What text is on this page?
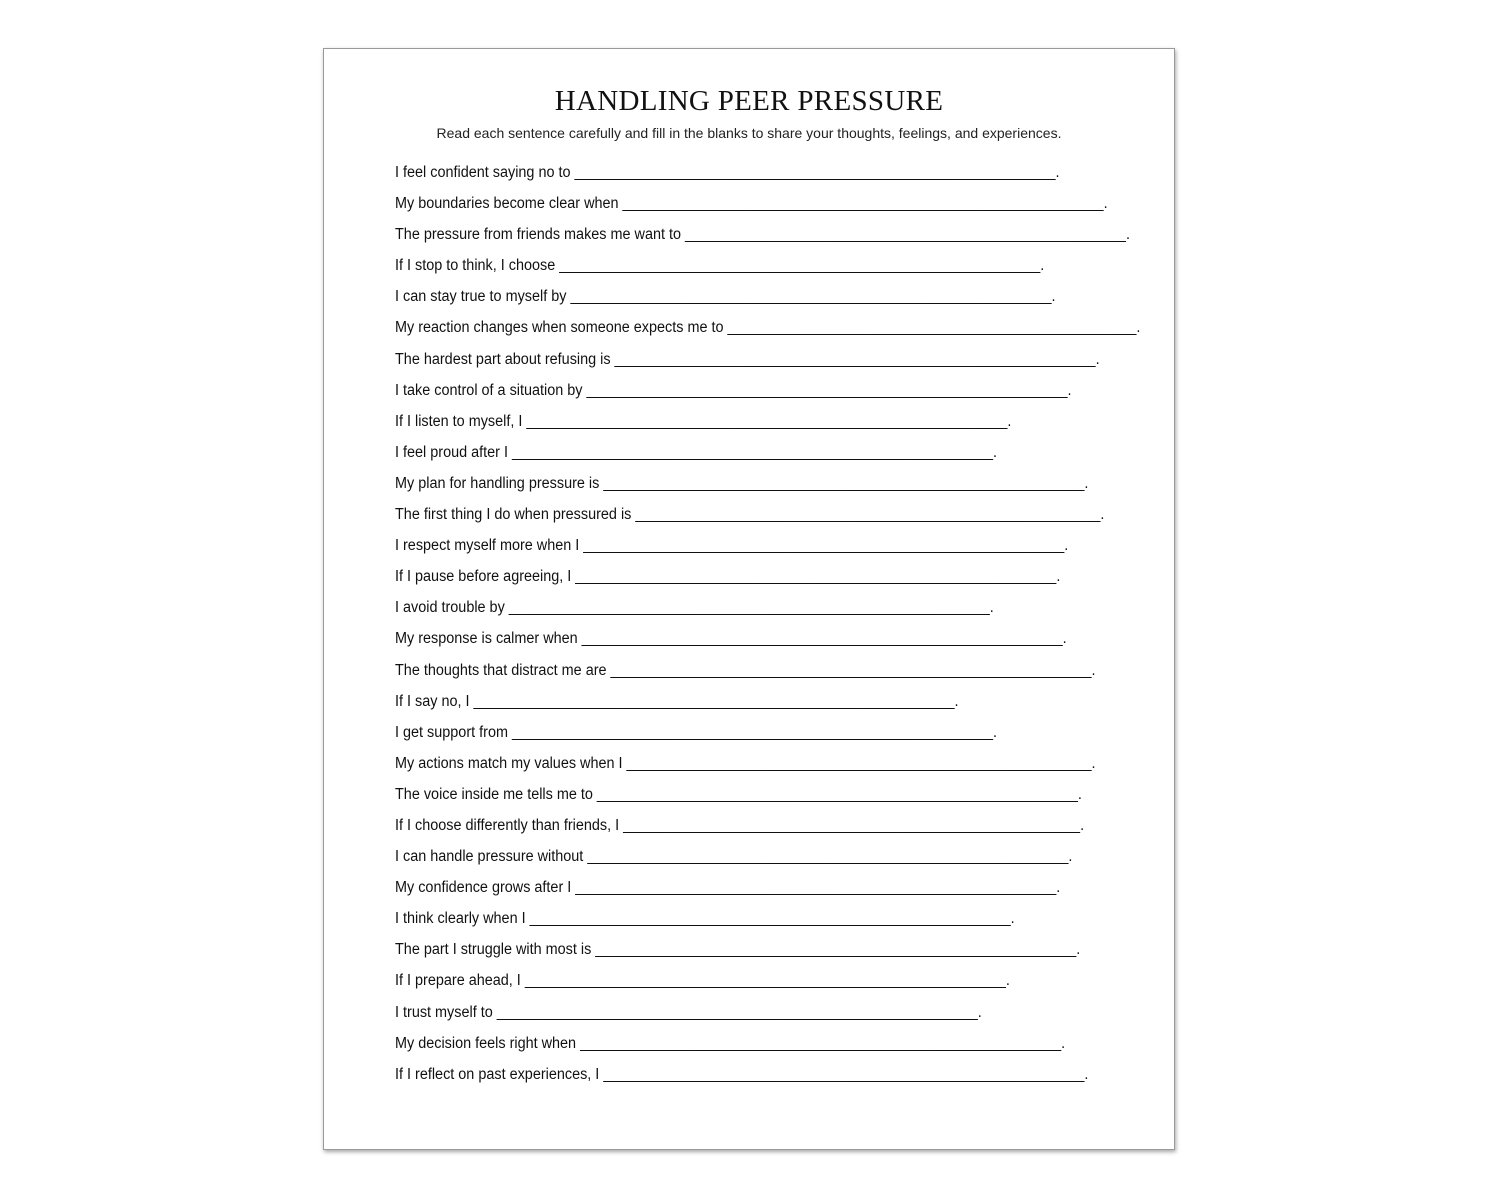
HANDLING PEER PRESSURE

Read each sentence carefully and fill in the blanks to share your thoughts, feelings, and experiences.

I feel confident saying no to ____________________________________________________________.
My boundaries become clear when ____________________________________________________________.
The pressure from friends makes me want to _______________________________________________________.
If I stop to think, I choose ____________________________________________________________.
I can stay true to myself by ____________________________________________________________.
My reaction changes when someone expects me to ___________________________________________________.
The hardest part about refusing is ____________________________________________________________.
I take control of a situation by ____________________________________________________________.
If I listen to myself, I ____________________________________________________________.
I feel proud after I ____________________________________________________________.
My plan for handling pressure is ____________________________________________________________.
The first thing I do when pressured is __________________________________________________________.
I respect myself more when I ____________________________________________________________.
If I pause before agreeing, I ____________________________________________________________.
I avoid trouble by ____________________________________________________________.
My response is calmer when ____________________________________________________________.
The thoughts that distract me are ____________________________________________________________.
If I say no, I ____________________________________________________________.
I get support from ____________________________________________________________.
My actions match my values when I __________________________________________________________.
The voice inside me tells me to ____________________________________________________________.
If I choose differently than friends, I _________________________________________________________.
I can handle pressure without ____________________________________________________________.
My confidence grows after I ____________________________________________________________.
I think clearly when I ____________________________________________________________.
The part I struggle with most is ____________________________________________________________.
If I prepare ahead, I ____________________________________________________________.
I trust myself to ____________________________________________________________.
My decision feels right when ____________________________________________________________.
If I reflect on past experiences, I ____________________________________________________________.
